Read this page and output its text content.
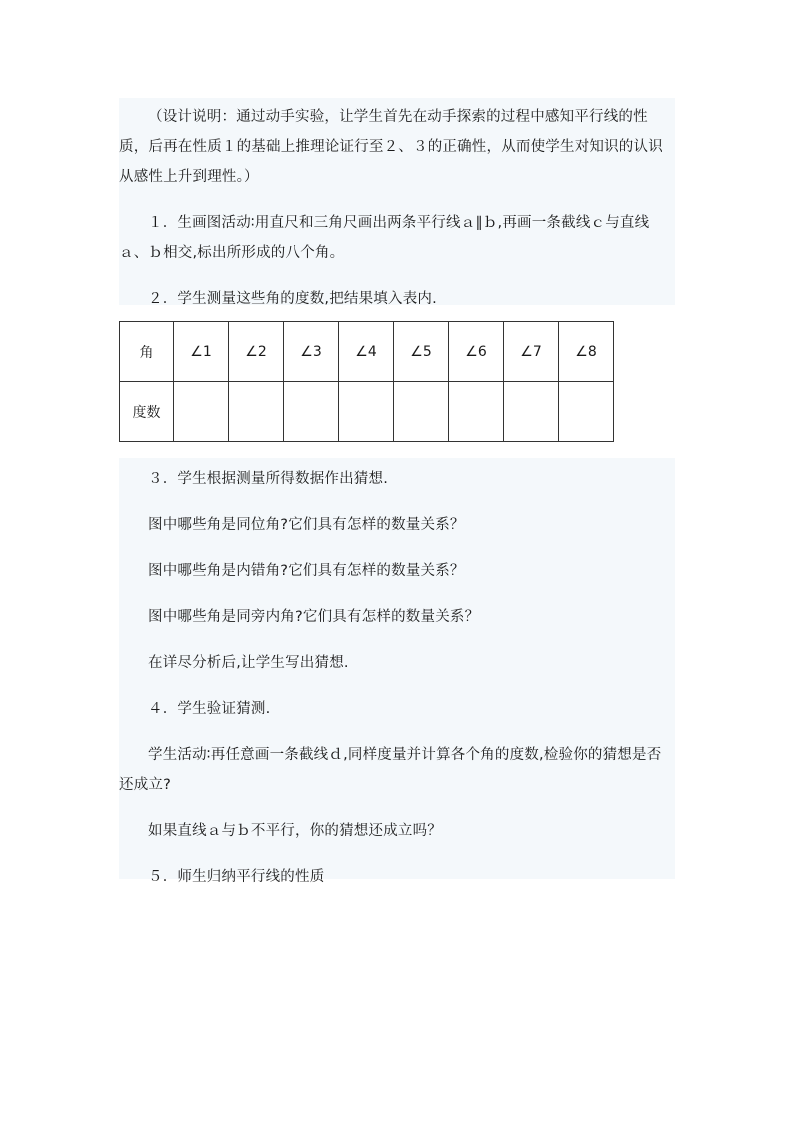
（设计说明：通过动手实验，让学生首先在动手探索的过程中感知平行线的性质，后再在性质１的基础上推理论证行至２、３的正确性，从而使学生对知识的认识从感性上升到理性。）

１．生画图活动∶用直尺和三角尺画出两条平行线ａ∥ｂ,再画一条截线ｃ与直线ａ、ｂ相交,标出所形成的八个角。

２．学生测量这些角的度数,把结果填入表内.

角	∠1	∠2	∠3	∠4	∠5	∠6	∠7	∠8
度数								

３．学生根据测量所得数据作出猜想.

图中哪些角是同位角?它们具有怎样的数量关系？

图中哪些角是内错角?它们具有怎样的数量关系？

图中哪些角是同旁内角?它们具有怎样的数量关系？

在详尽分析后,让学生写出猜想.

４．学生验证猜测.

学生活动∶再任意画一条截线ｄ,同样度量并计算各个角的度数,检验你的猜想是否还成立?

如果直线ａ与ｂ不平行，你的猜想还成立吗？

５．师生归纳平行线的性质
